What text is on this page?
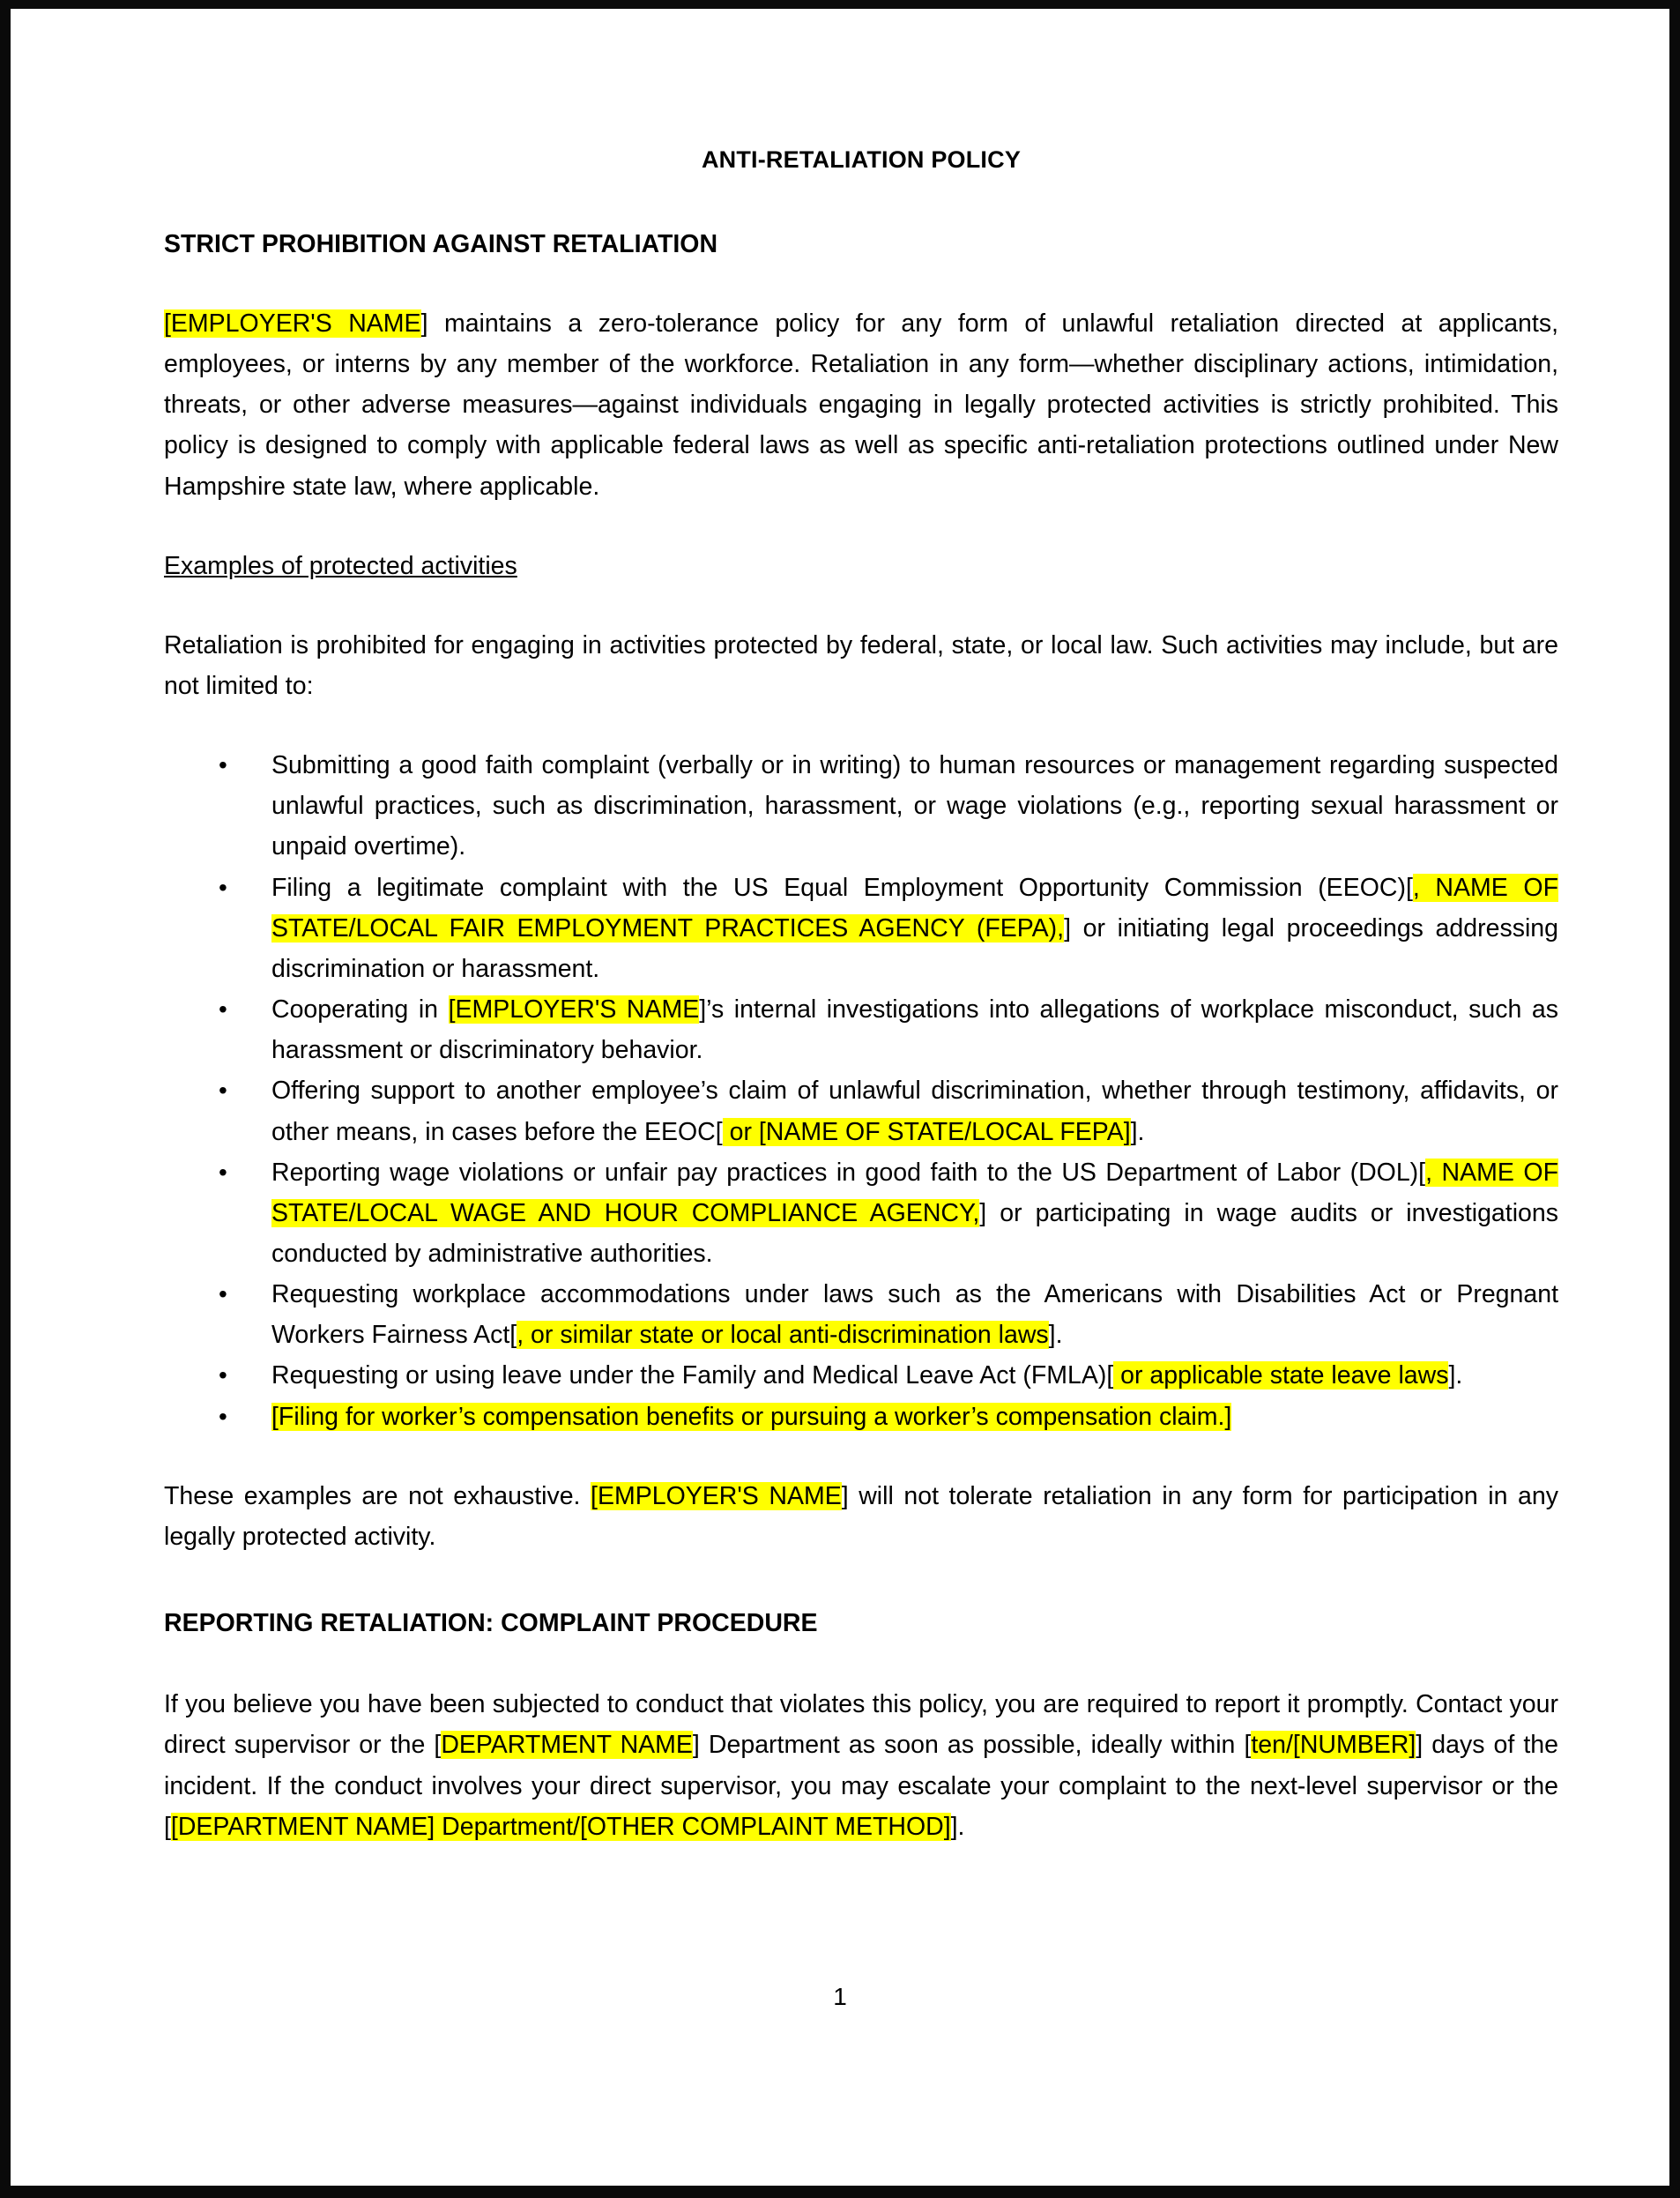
ANTI-RETALIATION POLICY
STRICT PROHIBITION AGAINST RETALIATION

[EMPLOYER'S NAME] maintains a zero-tolerance policy for any form of unlawful retaliation directed at applicants, employees, or interns by any member of the workforce. Retaliation in any form—whether disciplinary actions, intimidation, threats, or other adverse measures—against individuals engaging in legally protected activities is strictly prohibited. This policy is designed to comply with applicable federal laws as well as specific anti-retaliation protections outlined under New Hampshire state law, where applicable.

Examples of protected activities

Retaliation is prohibited for engaging in activities protected by federal, state, or local law. Such activities may include, but are not limited to:

• Submitting a good faith complaint (verbally or in writing) to human resources or management regarding suspected unlawful practices, such as discrimination, harassment, or wage violations (e.g., reporting sexual harassment or unpaid overtime).
• Filing a legitimate complaint with the US Equal Employment Opportunity Commission (EEOC)[, NAME OF STATE/LOCAL FAIR EMPLOYMENT PRACTICES AGENCY (FEPA),] or initiating legal proceedings addressing discrimination or harassment.
• Cooperating in [EMPLOYER'S NAME]’s internal investigations into allegations of workplace misconduct, such as harassment or discriminatory behavior.
• Offering support to another employee’s claim of unlawful discrimination, whether through testimony, affidavits, or other means, in cases before the EEOC[ or [NAME OF STATE/LOCAL FEPA]].
• Reporting wage violations or unfair pay practices in good faith to the US Department of Labor (DOL)[, NAME OF STATE/LOCAL WAGE AND HOUR COMPLIANCE AGENCY,] or participating in wage audits or investigations conducted by administrative authorities.
• Requesting workplace accommodations under laws such as the Americans with Disabilities Act or Pregnant Workers Fairness Act[, or similar state or local anti-discrimination laws].
• Requesting or using leave under the Family and Medical Leave Act (FMLA)[ or applicable state leave laws].
• [Filing for worker’s compensation benefits or pursuing a worker’s compensation claim.]

These examples are not exhaustive. [EMPLOYER'S NAME] will not tolerate retaliation in any form for participation in any legally protected activity.

REPORTING RETALIATION: COMPLAINT PROCEDURE

If you believe you have been subjected to conduct that violates this policy, you are required to report it promptly. Contact your direct supervisor or the [DEPARTMENT NAME] Department as soon as possible, ideally within [ten/[NUMBER]] days of the incident. If the conduct involves your direct supervisor, you may escalate your complaint to the next-level supervisor or the [[DEPARTMENT NAME] Department/[OTHER COMPLAINT METHOD]].

1
